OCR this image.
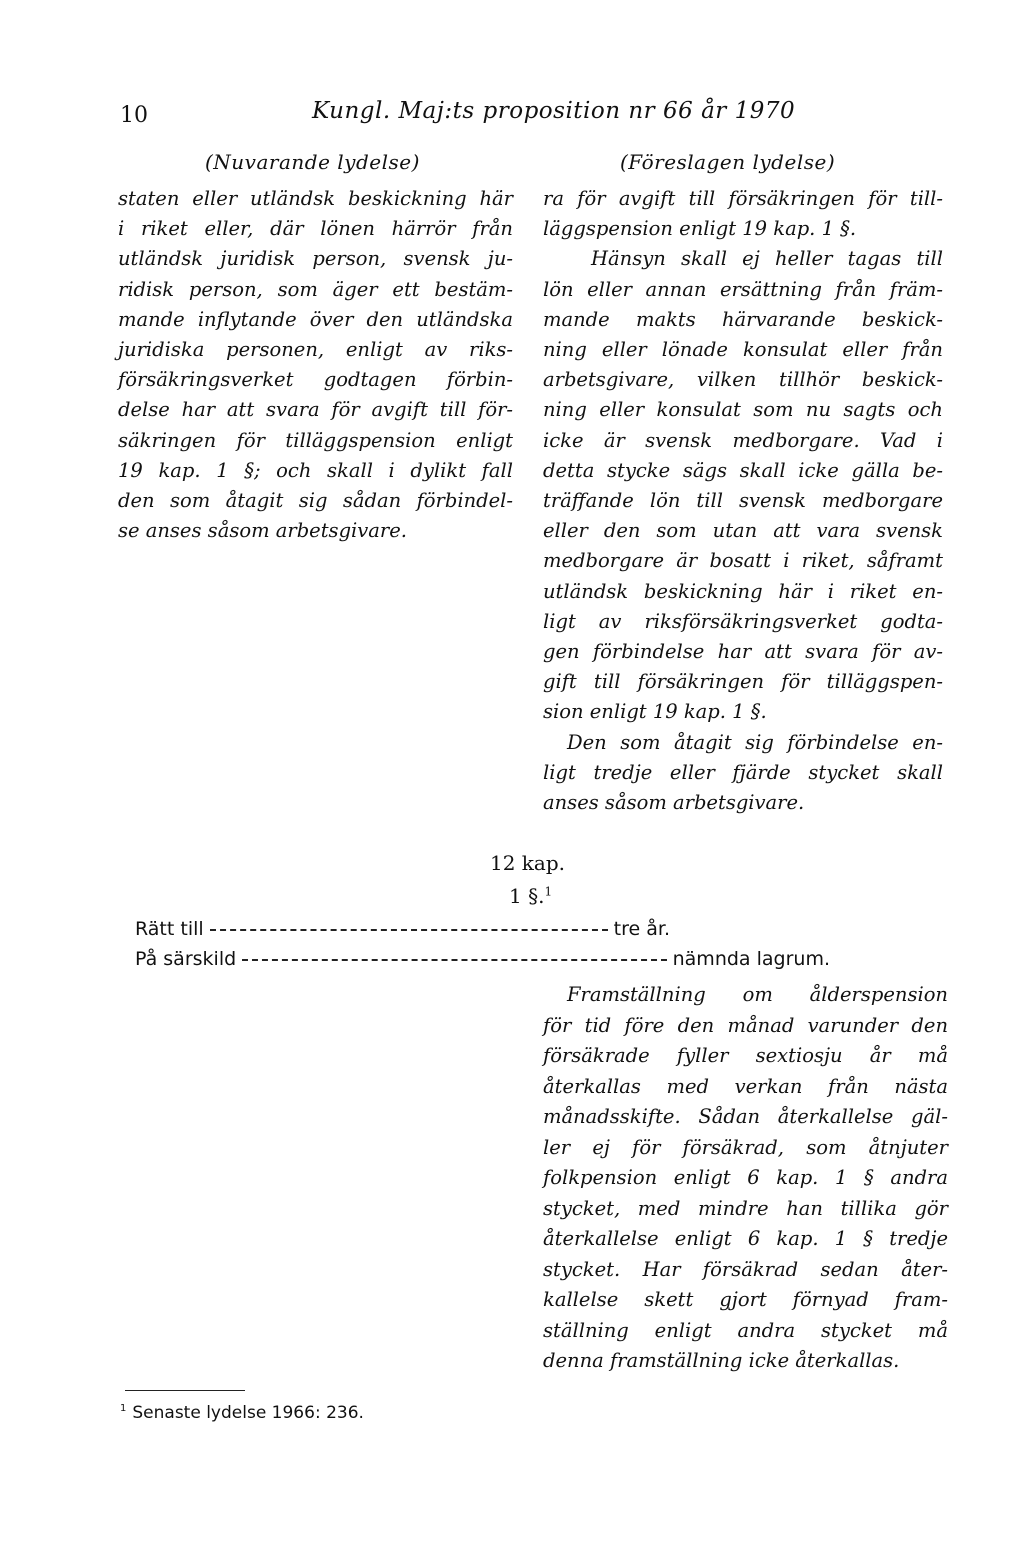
10	Kungl. Maj:ts proposition nr 66 år 1970
(Nuvarande lydelse)	(Föreslagen lydelse)
staten eller utländsk beskickning här
i riket eller, där lönen härrör från
utländsk juridisk person, svensk ju-
ridisk person, som äger ett bestäm-
mande inflytande över den utländska
juridiska personen, enligt av riks-
försäkringsverket godtagen förbin-
delse har att svara för avgift till för-
säkringen för tilläggspension enligt
19 kap. 1 §; och skall i dylikt fall
den som åtagit sig sådan förbindel-
se anses såsom arbetsgivare.
ra för avgift till försäkringen för till-
läggspension enligt 19 kap. 1 §.
Hänsyn skall ej heller tagas till
lön eller annan ersättning från främ-
mande makts härvarande beskick-
ning eller lönade konsulat eller från
arbetsgivare, vilken tillhör beskick-
ning eller konsulat som nu sagts och
icke är svensk medborgare. Vad i
detta stycke sägs skall icke gälla be-
träffande lön till svensk medborgare
eller den som utan att vara svensk
medborgare är bosatt i riket, såframt
utländsk beskickning här i riket en-
ligt av riksförsäkringsverket godta-
gen förbindelse har att svara för av-
gift till försäkringen för tilläggspen-
sion enligt 19 kap. 1 §.
Den som åtagit sig förbindelse en-
ligt tredje eller fjärde stycket skall
anses såsom arbetsgivare.
12 kap.
1 §.$^1$
Rätt till	tre år.
På särskild	nämnda lagrum.
Framställning om ålderspension
för tid före den månad varunder den
försäkrade fyller sextiosju år må
återkallas med verkan från nästa
månadsskifte. Sådan återkallelse gäl-
ler ej för försäkrad, som åtnjuter
folkpension enligt 6 kap. 1 § andra
stycket, med mindre han tillika gör
återkallelse enligt 6 kap. 1 § tredje
stycket. Har försäkrad sedan åter-
kallelse skett gjort förnyad fram-
ställning enligt andra stycket må
denna framställning icke återkallas.
$^1$ Senaste lydelse 1966: 236.
